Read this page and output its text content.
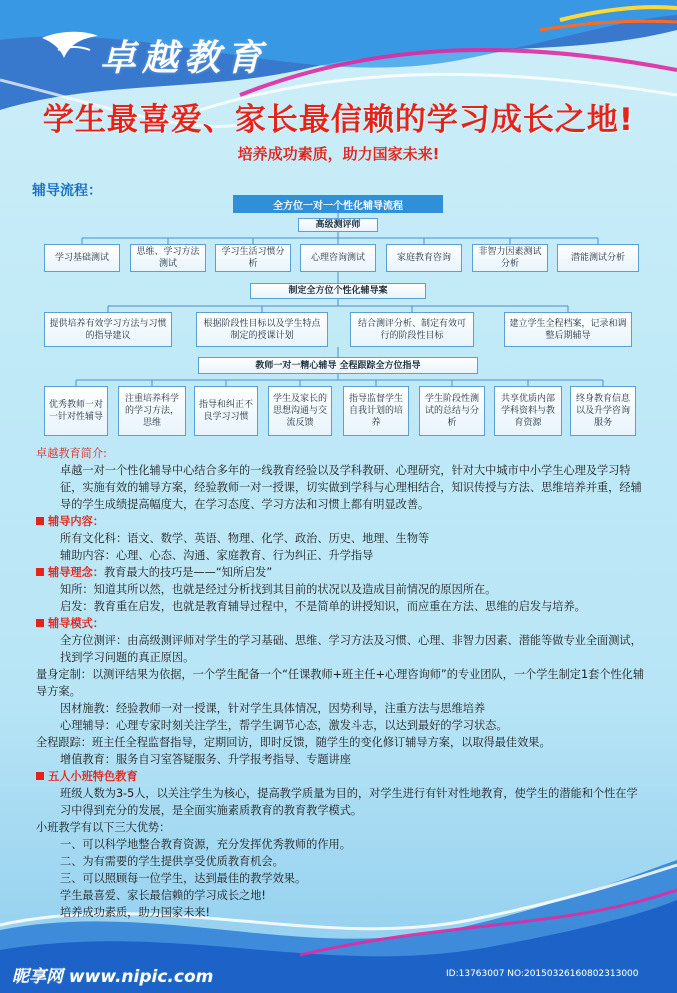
卓越教育
学生最喜爱、家长最信赖的学习成长之地!
培养成功素质，助力国家未来!
辅导流程：
全方位一对一个性化辅导流程
高级测评师
学习基础测试
思维、学习方法测试
学习生活习惯分析
心理咨询测试	家庭教育咨询
非智力因素测试分析
潜能测试分析
制定全方位个性化辅导案
提供培养有效学习方法与习惯的指导建议
根据阶段性目标以及学生特点制定的授课计划
结合测评分析、制定有效可行的阶段性目标
建立学生全程档案，记录和调整后期辅导
教师一对一精心辅导 全程跟踪全方位指导
优秀教师一对一针对性辅导
注重培养科学的学习方法，思维
指导和纠正不良学习习惯
学生及家长的思想沟通与交流反馈
指导监督学生自我计划的培养
学生阶段性测试的总结与分析
共享优质内部学科资料与教育资源
终身教育信息以及升学咨询服务

卓越教育简介:

卓越一对一个性化辅导中心结合多年的一线教育经验以及学科教研、心理研究，针对大中城市中小学生心理及学习特征，实施有效的辅导方案，经验教师一对一授课，切实做到学科与心理相结合，知识传授与方法、思维培养并重，经辅导的学生成绩提高幅度大，在学习态度、学习方法和习惯上都有明显改善。

辅导内容：

所有文化科：语文、数学、英语、物理、化学、政治、历史、地理、生物等

辅助内容：心理、心态、沟通、家庭教育、行为纠正、升学指导

辅导理念：教育最大的技巧是——“知所启发”

知所：知道其所以然，也就是经过分析找到其目前的状况以及造成目前情况的原因所在。

启发：教育重在启发，也就是教育辅导过程中，不是简单的讲授知识，而应重在方法、思维的启发与培养。

辅导模式：

全方位测评：由高级测评师对学生的学习基础、思维、学习方法及习惯、心理、非智力因素、潜能等做专业全面测试，找到学习问题的真正原因。

量身定制：以测评结果为依据，一个学生配备一个“任课教师+班主任+心理咨询师”的专业团队，一个学生制定1套个性化辅导方案。

因材施教：经验教师一对一授课，针对学生具体情况，因势利导，注重方法与思维培养

心理辅导：心理专家时刻关注学生，帮学生调节心态，激发斗志，以达到最好的学习状态。

全程跟踪：班主任全程监督指导，定期回访，即时反馈，随学生的变化修订辅导方案，以取得最佳效果。

增值教育：服务自习室答疑服务、升学报考指导、专题讲座

五人小班特色教育

班级人数为3-5人，以关注学生为核心，提高教学质量为目的，对学生进行有针对性地教育，使学生的潜能和个性在学习中得到充分的发展，是全面实施素质教育的教育教学模式。

小班教学有以下三大优势：

一、可以科学地整合教育资源，充分发挥优秀教师的作用。

二、为有需要的学生提供享受优质教育机会。

三、可以照顾每一位学生，达到最佳的教学效果。

学生最喜爱、家长最信赖的学习成长之地!

培养成功素质，助力国家未来!

昵享网 www.nipic.com	ID:13763007 NO:20150326160802313000
